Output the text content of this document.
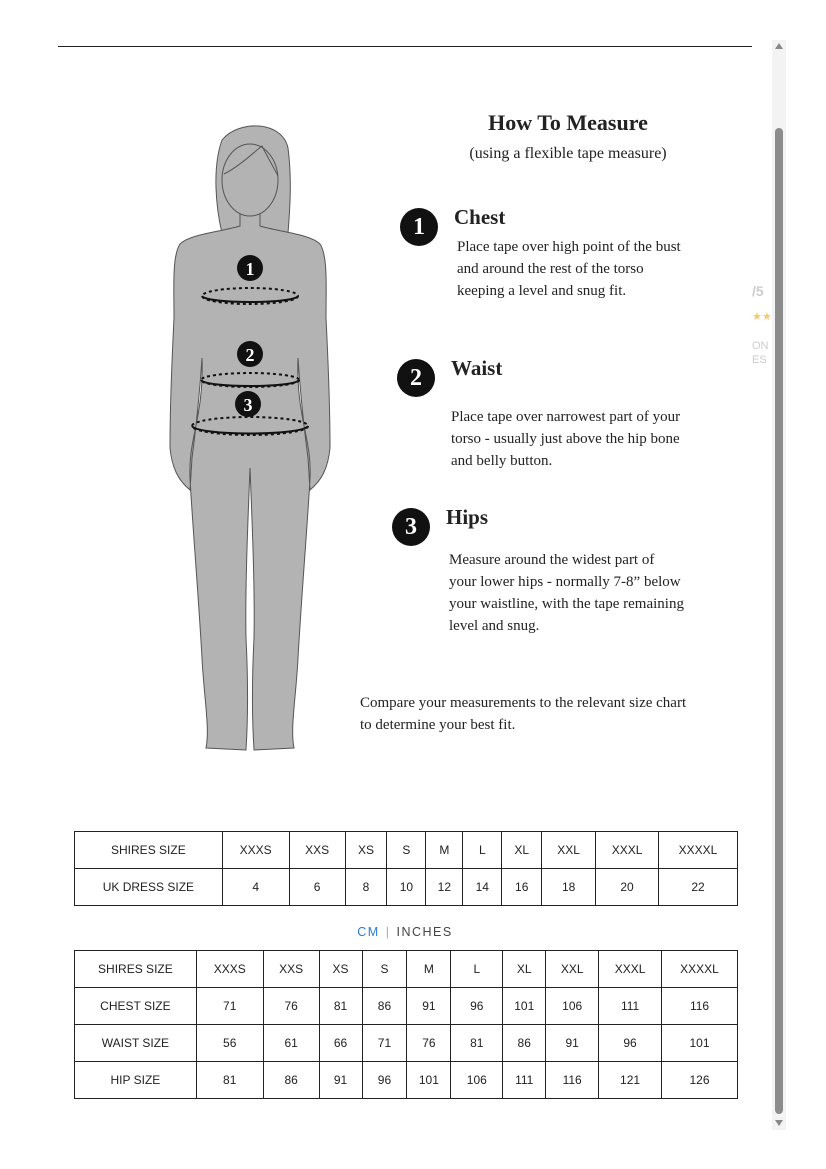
1
2
3
How To Measure
(using a flexible tape measure)
1	Chest
Place tape over high point of the bust
and around the rest of the torso
keeping a level and snug fit.
2	Waist
Place tape over narrowest part of your
torso - usually just above the hip bone
and belly button.
3	Hips
Measure around the widest part of
your lower hips - normally 7-8” below
your waistline, with the tape remaining
level and snug.
Compare your measurements to the relevant size chart
to determine your best fit.
SHIRES SIZE	XXXS	XXS	XS	S	M	L	XL	XXL	XXXL	XXXXL
UK DRESS SIZE	4	6	8	10	12	14	16	18	20	22
CM | INCHES
SHIRES SIZE	XXXS	XXS	XS	S	M	L	XL	XXL	XXXL	XXXXL
CHEST SIZE	71	76	81	86	91	96	101	106	111	116
WAIST SIZE	56	61	66	71	76	81	86	91	96	101
HIP SIZE	81	86	91	96	101	106	111	116	121	126
/5
★★
ON
ES
